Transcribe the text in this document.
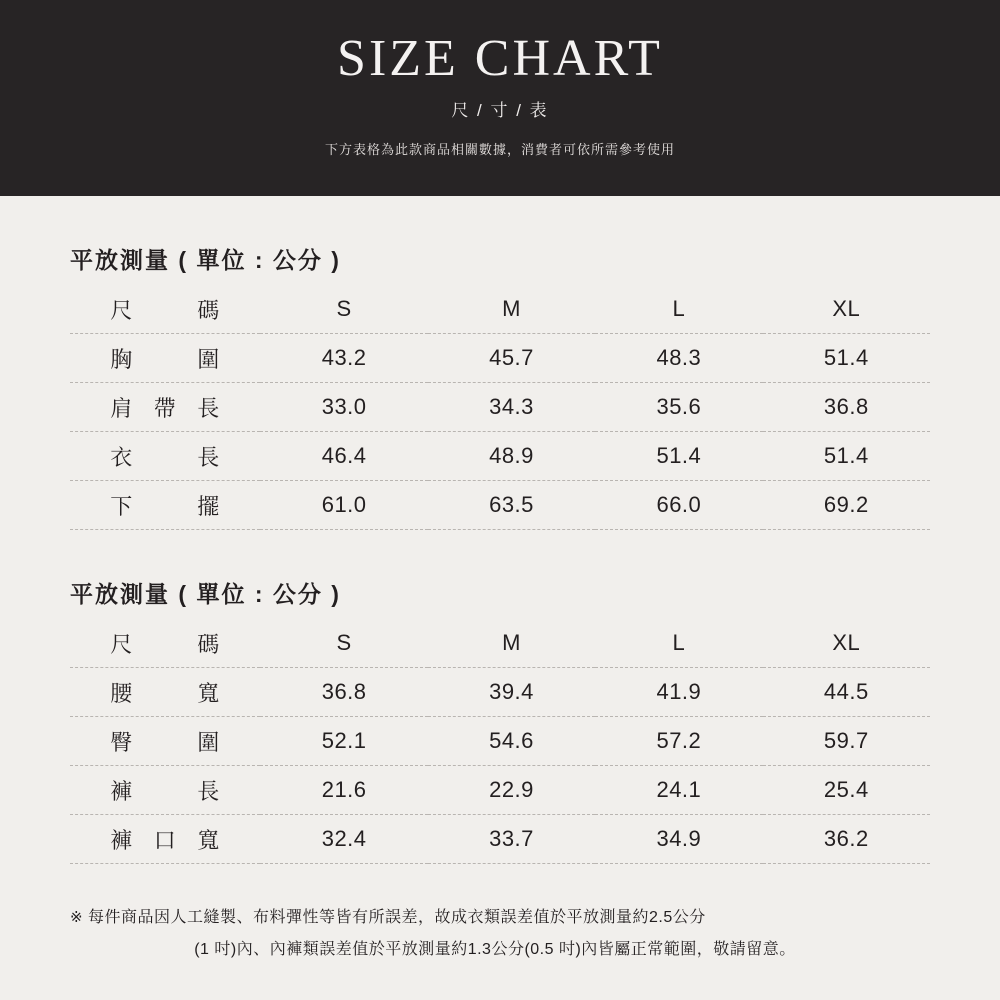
SIZE CHART
尺 / 寸 / 表
下方表格為此款商品相關數據，消費者可依所需參考使用
平放測量 ( 單位 : 公分 )
尺　碼	S	M	L	XL
胸　圍	43.2	45.7	48.3	51.4
肩 帶 長	33.0	34.3	35.6	36.8
衣　長	46.4	48.9	51.4	51.4
下　擺	61.0	63.5	66.0	69.2
平放測量 ( 單位 : 公分 )
尺　碼	S	M	L	XL
腰　寬	36.8	39.4	41.9	44.5
臀　圍	52.1	54.6	57.2	59.7
褲　長	21.6	22.9	24.1	25.4
褲 口 寬	32.4	33.7	34.9	36.2
※ 每件商品因人工縫製、布料彈性等皆有所誤差，故成衣類誤差值於平放測量約2.5公分
(1 吋)內、內褲類誤差值於平放測量約1.3公分(0.5 吋)內皆屬正常範圍，敬請留意。
